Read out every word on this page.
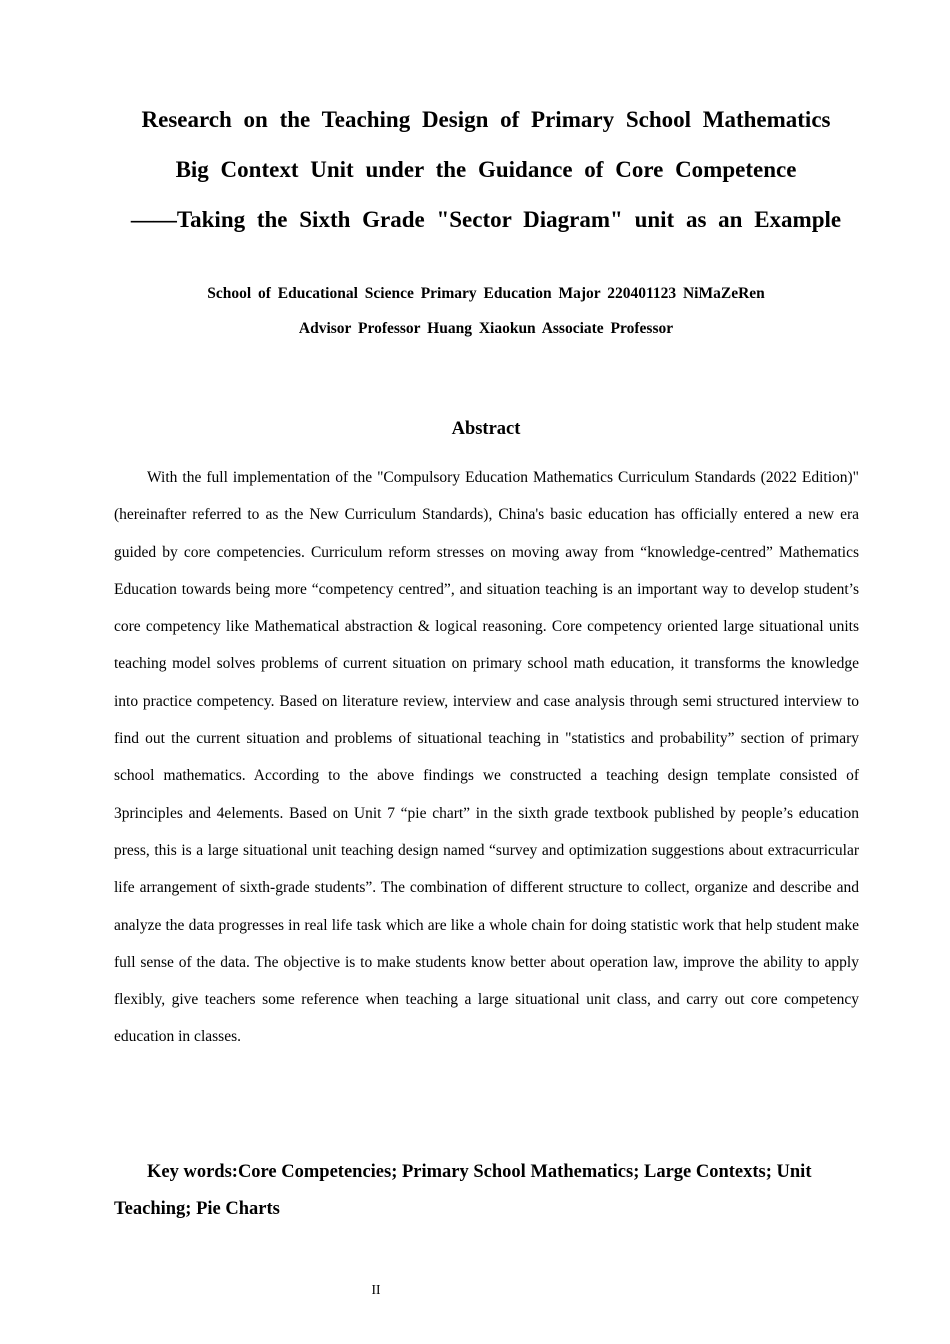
Research on the Teaching Design of Primary School Mathematics
Big Context Unit under the Guidance of Core Competence
——Taking the Sixth Grade "Sector Diagram" unit as an Example
School of Educational Science Primary Education Major 220401123 NiMaZeRen
Advisor Professor Huang Xiaokun Associate Professor
Abstract

With the full implementation of the "Compulsory Education Mathematics Curriculum Standards (2022 Edition)" (hereinafter referred to as the New Curriculum Standards), China's basic education has officially entered a new era guided by core competencies. Curriculum reform stresses on moving away from “knowledge-centred” Mathematics Education towards being more “competency centred”, and situation teaching is an important way to develop student’s core competency like Mathematical abstraction & logical reasoning. Core competency oriented large situational units teaching model solves problems of current situation on primary school math education, it transforms the knowledge into practice competency. Based on literature review, interview and case analysis through semi structured interview to find out the current situation and problems of situational teaching in "statistics and probability” section of primary school mathematics. According to the above findings we constructed a teaching design template consisted of 3principles and 4elements. Based on Unit 7 “pie chart” in the sixth grade textbook published by people’s education press, this is a large situational unit teaching design named “survey and optimization suggestions about extracurricular life arrangement of sixth-grade students”. The combination of different structure to collect, organize and describe and analyze the data progresses in real life task which are like a whole chain for doing statistic work that help student make full sense of the data. The objective is to make students know better about operation law, improve the ability to apply flexibly, give teachers some reference when teaching a large situational unit class, and carry out core competency education in classes.

Key words:Core Competencies; Primary School Mathematics; Large Contexts; Unit Teaching; Pie Charts

II
